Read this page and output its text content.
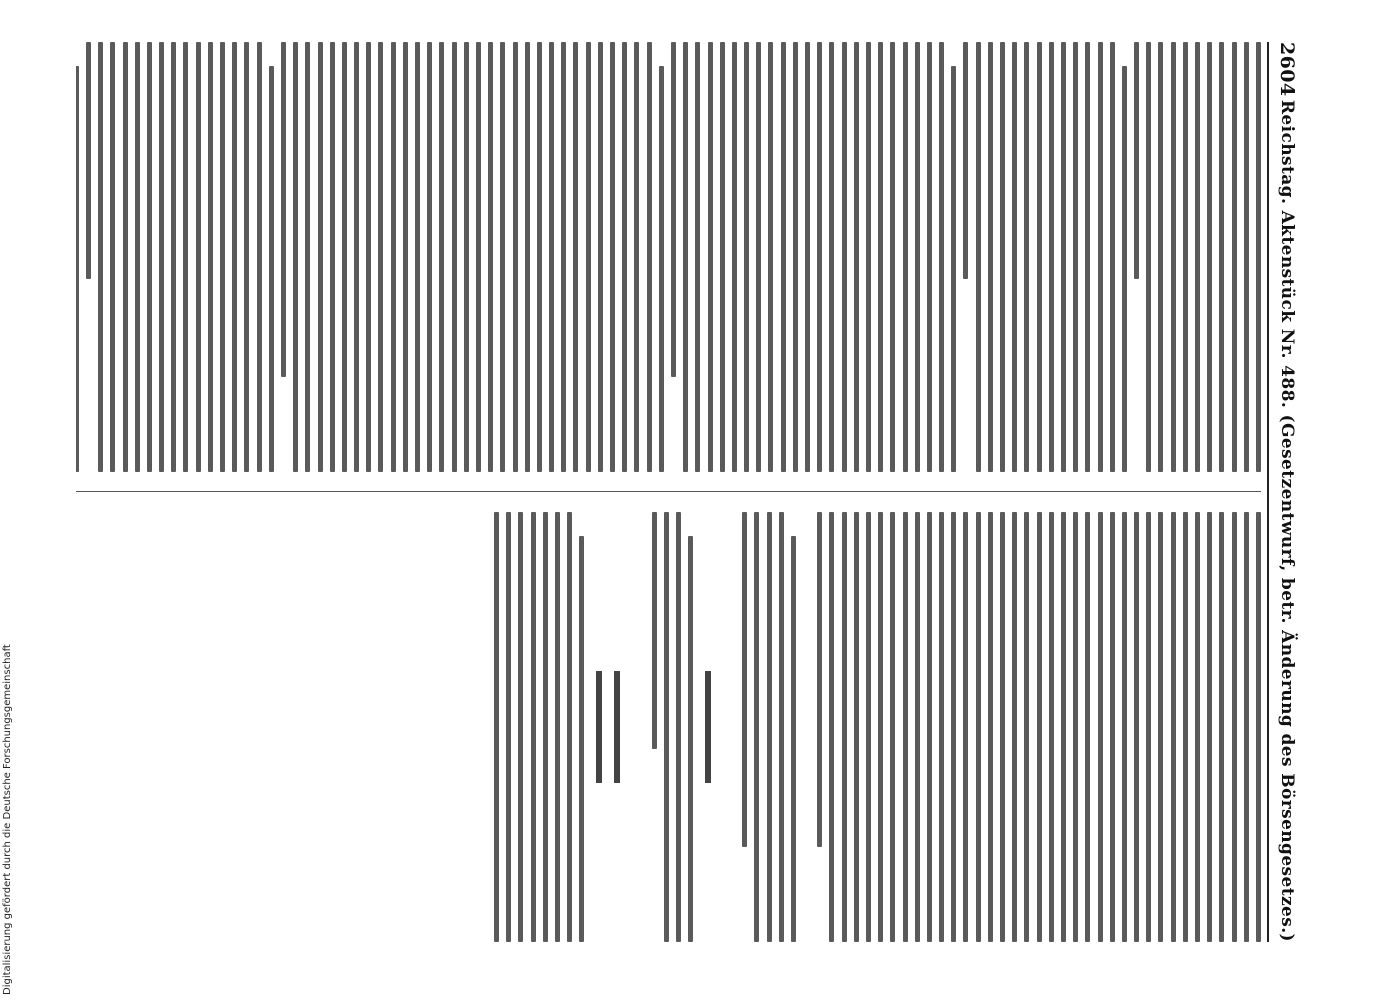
Digitalisierung gefördert durch die Deutsche Forschungsgemeinschaft
2604
Reichstag. Aktenstück Nr. 488. (Gesetzentwurf, betr. Änderung des Börsengesetzes.)
